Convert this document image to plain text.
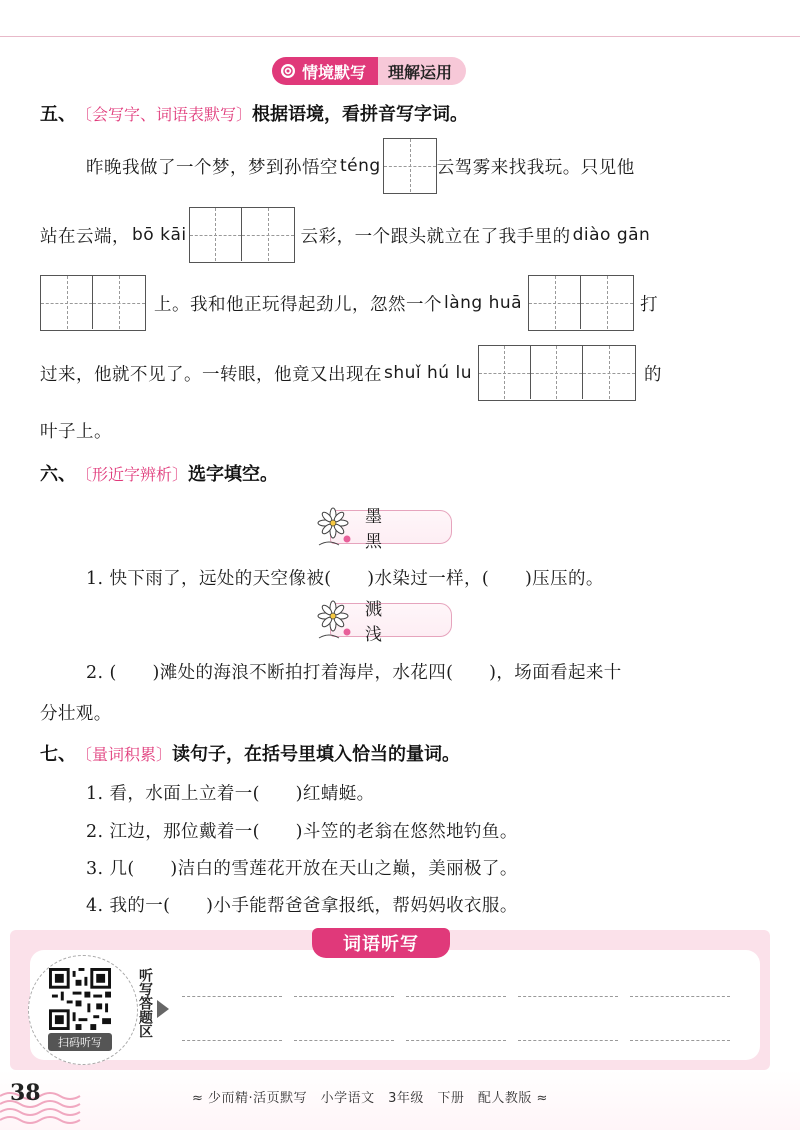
情境默写	理解运用
五、 〔 会写字、词语表默写 〕 根据语境，看拼音写字词。
昨晚我做了一个梦，梦到孙悟空 téng	云驾雾来找我玩。只见他
站在云端， bō kāi	云彩，一个跟头就立在了我手里的 diào gān
上。我和他正玩得起劲儿，忽然一个 làng huā	打
过来，他就不见了。一转眼，他竟又出现在 shuǐ hú lu	的
叶子上。
六、 〔 形近字辨析 〕 选字填空。
墨 黑
1. 快下雨了，远处的天空像被(　　)水染过一样，(　　)压压的。
溅 浅
2. (　　)滩处的海浪不断拍打着海岸，水花四(　　)，场面看起来十
分壮观。
七、 〔 量词积累 〕 读句子，在括号里填入恰当的量词。
1. 看，水面上立着一(　　)红蜻蜓。
2. 江边，那位戴着一(　　)斗笠的老翁在悠然地钓鱼。
3. 几(　　)洁白的雪莲花开放在天山之巅，美丽极了。
4. 我的一(　　)小手能帮爸爸拿报纸，帮妈妈收衣服。
词语听写
扫码听写
听写答题区
38	≈ 少而精·活页默写　小学语文　3年级　下册　配人教版 ≈
